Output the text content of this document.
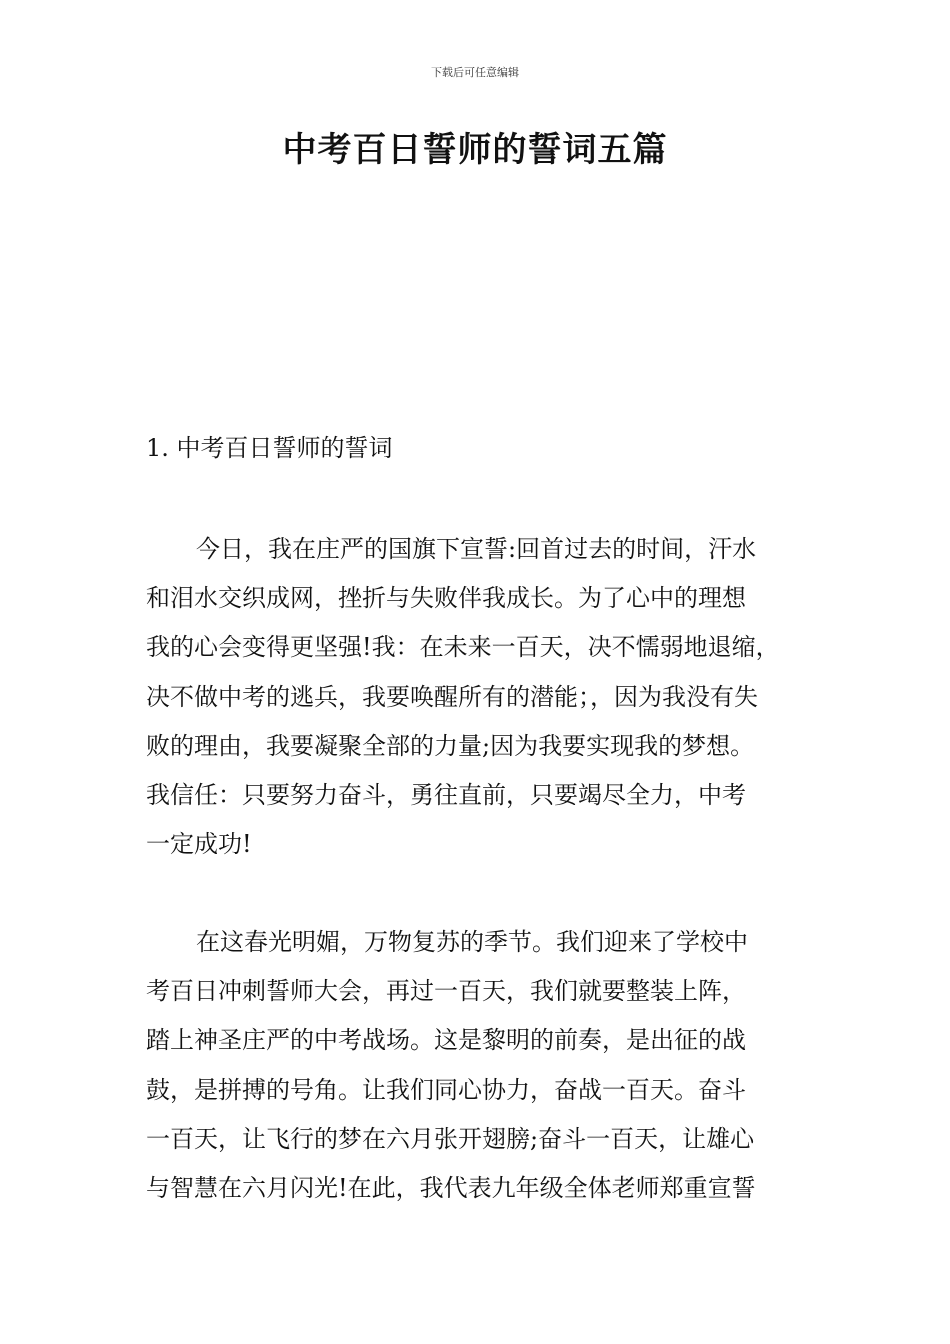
下载后可任意编辑
中考百日誓师的誓词五篇
1. 中考百日誓师的誓词
今日，我在庄严的国旗下宣誓:回首过去的时间，汗水
和泪水交织成网，挫折与失败伴我成长。为了心中的理想
我的心会变得更坚强!我：在未来一百天，决不懦弱地退缩，
决不做中考的逃兵，我要唤醒所有的潜能；，因为我没有失
败的理由，我要凝聚全部的力量;因为我要实现我的梦想。
我信任：只要努力奋斗，勇往直前，只要竭尽全力，中考
一定成功!
在这春光明媚，万物复苏的季节。我们迎来了学校中
考百日冲刺誓师大会，再过一百天，我们就要整装上阵，
踏上神圣庄严的中考战场。这是黎明的前奏，是出征的战
鼓，是拼搏的号角。让我们同心协力，奋战一百天。奋斗
一百天，让飞行的梦在六月张开翅膀;奋斗一百天，让雄心
与智慧在六月闪光!在此，我代表九年级全体老师郑重宣誓
